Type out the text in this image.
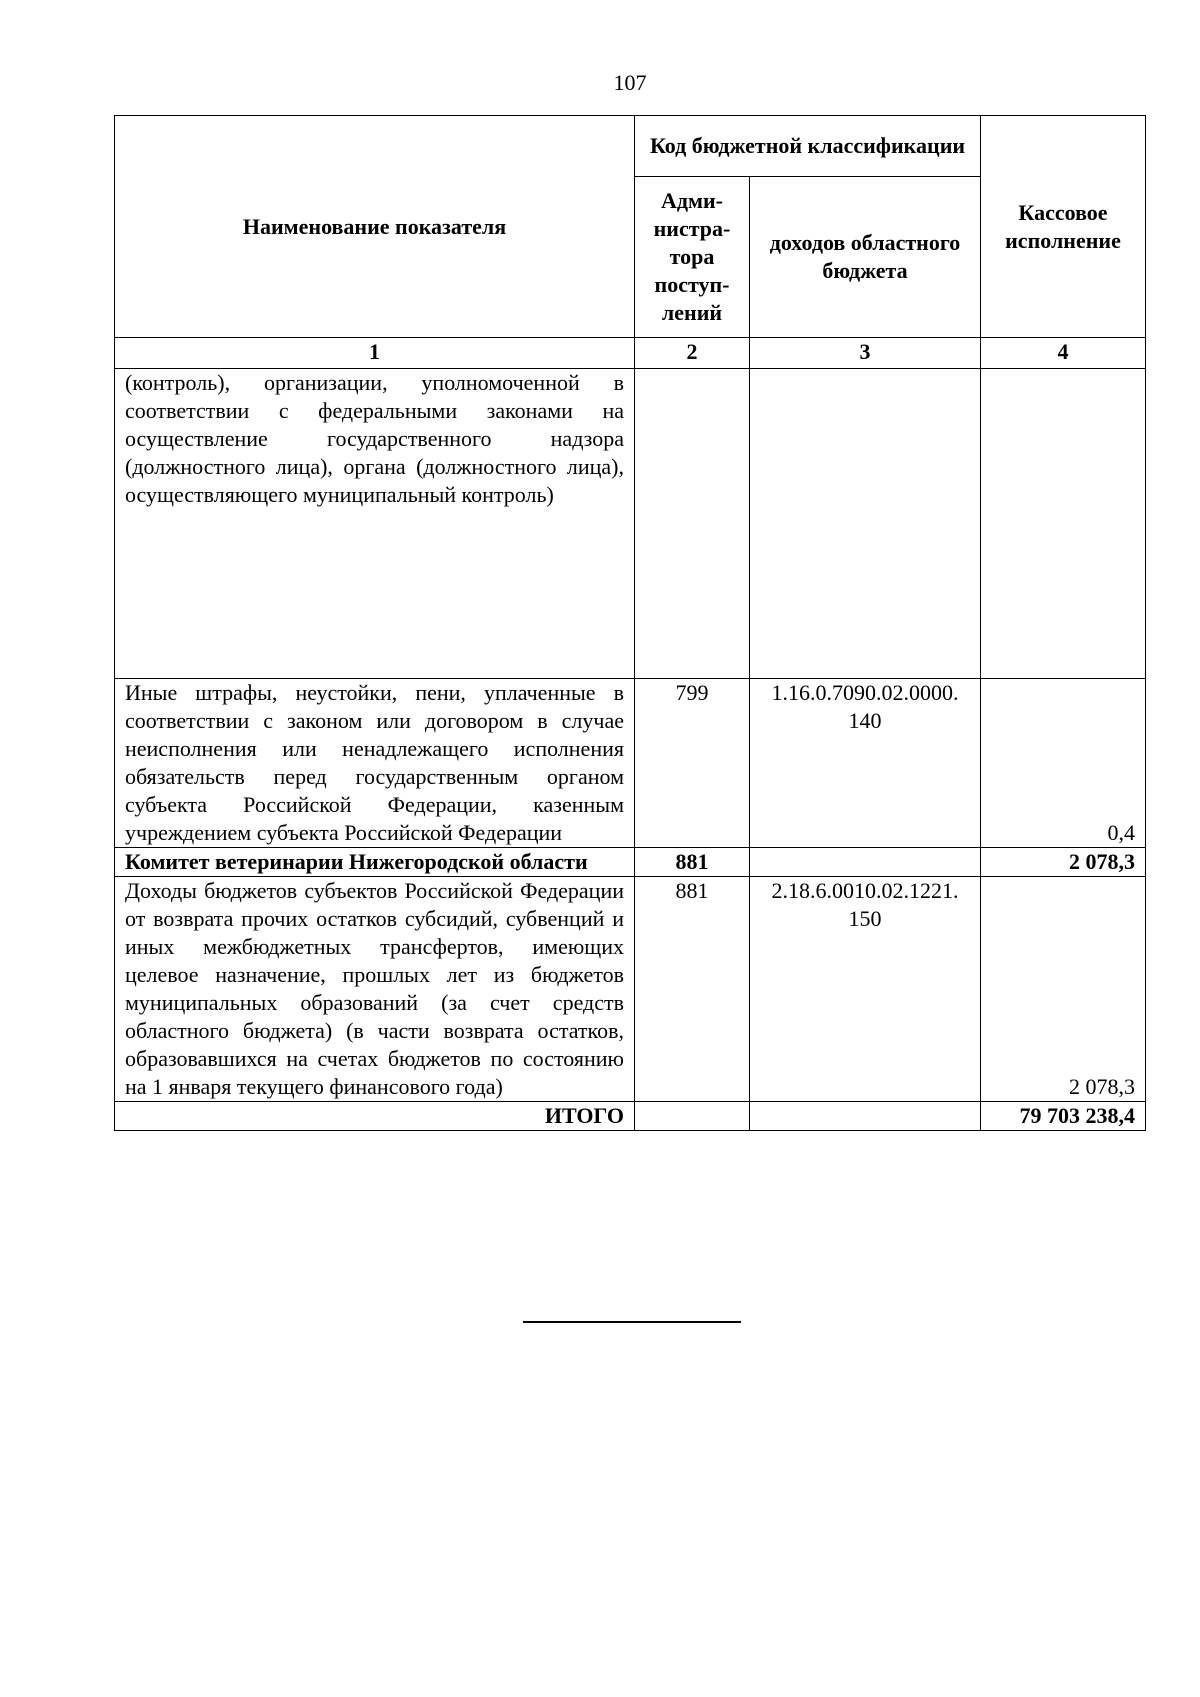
107
Наименование показателя	Код бюджетной классификации		Кассовое исполнение
	Адми-нистра-тора поступ-лений	доходов областного бюджета	
1	2	3	4
(контроль), организации, уполномоченной в соответствии с федеральными законами на осуществление государственного надзора (должностного лица), органа (должностного лица), осуществляющего муниципальный контроль)			
Иные штрафы, неустойки, пени, уплаченные в соответствии с законом или договором в случае неисполнения или ненадлежащего исполнения обязательств перед государственным органом субъекта Российской Федерации, казенным учреждением субъекта Российской Федерации	799	1.16.0.7090.02.0000. 140	0,4
Комитет ветеринарии Нижегородской области	881		2 078,3
Доходы бюджетов субъектов Российской Федерации от возврата прочих остатков субсидий, субвенций и иных межбюджетных трансфертов, имеющих целевое назначение, прошлых лет из бюджетов муниципальных образований (за счет средств областного бюджета) (в части возврата остатков, образовавшихся на счетах бюджетов по состоянию на 1 января текущего финансового года)	881	2.18.6.0010.02.1221. 150	2 078,3
ИТОГО			79 703 238,4
